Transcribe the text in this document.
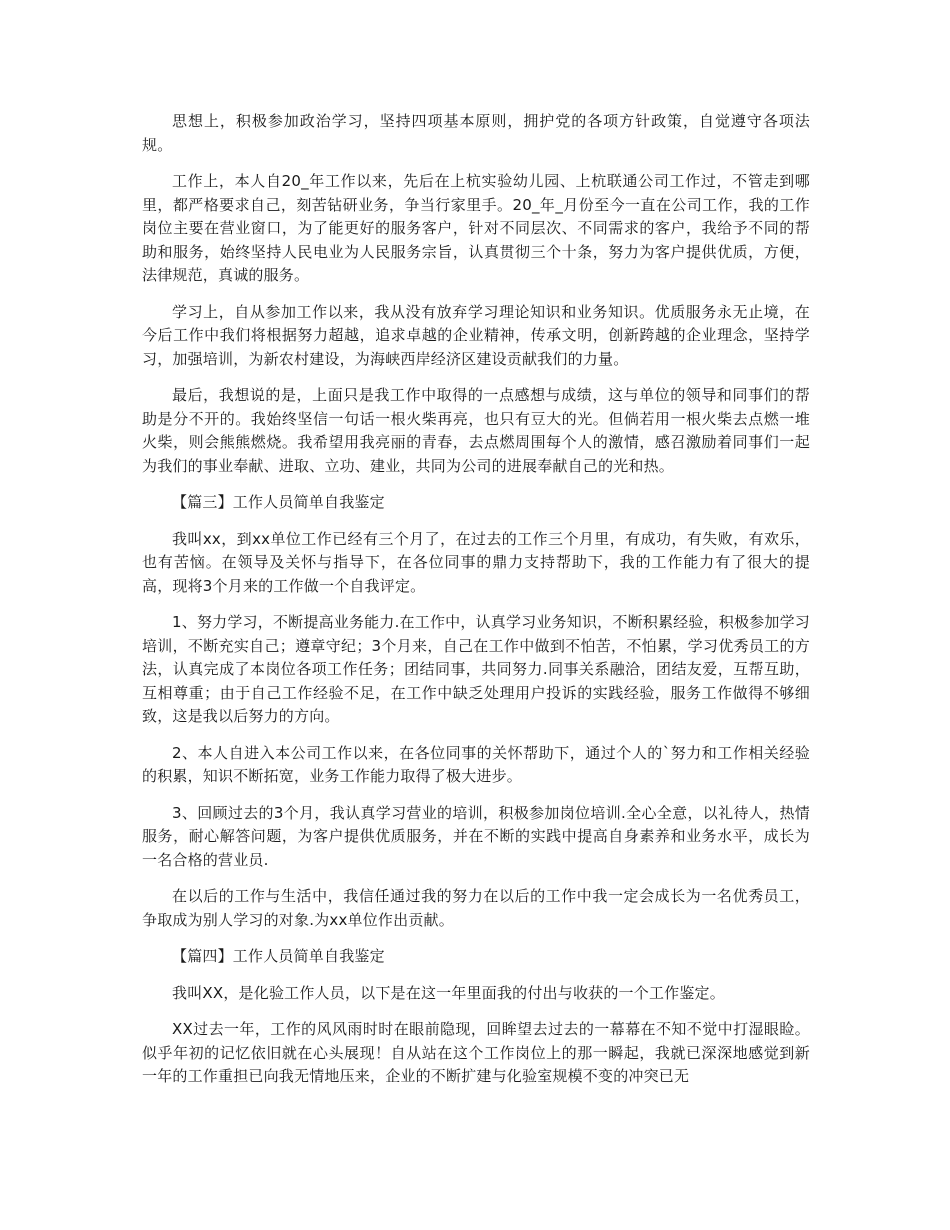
思想上，积极参加政治学习，坚持四项基本原则，拥护党的各项方针政策，自觉遵守各项法规。

工作上，本人自20_年工作以来，先后在上杭实验幼儿园、上杭联通公司工作过，不管走到哪里，都严格要求自己，刻苦钻研业务，争当行家里手。20_年_月份至今一直在公司工作，我的工作岗位主要在营业窗口，为了能更好的服务客户，针对不同层次、不同需求的客户，我给予不同的帮助和服务，始终坚持人民电业为人民服务宗旨，认真贯彻三个十条，努力为客户提供优质，方便，法律规范，真诚的服务。

学习上，自从参加工作以来，我从没有放弃学习理论知识和业务知识。优质服务永无止境，在今后工作中我们将根据努力超越，追求卓越的企业精神，传承文明，创新跨越的企业理念，坚持学习，加强培训，为新农村建设，为海峡西岸经济区建设贡献我们的力量。

最后，我想说的是，上面只是我工作中取得的一点感想与成绩，这与单位的领导和同事们的帮助是分不开的。我始终坚信一句话一根火柴再亮，也只有豆大的光。但倘若用一根火柴去点燃一堆火柴，则会熊熊燃烧。我希望用我亮丽的青春，去点燃周围每个人的激情，感召激励着同事们一起为我们的事业奉献、进取、立功、建业，共同为公司的进展奉献自己的光和热。

【篇三】工作人员简单自我鉴定

我叫xx，到xx单位工作已经有三个月了，在过去的工作三个月里，有成功，有失败，有欢乐，也有苦恼。在领导及关怀与指导下，在各位同事的鼎力支持帮助下，我的工作能力有了很大的提高，现将3个月来的工作做一个自我评定。

1、努力学习，不断提高业务能力.在工作中，认真学习业务知识，不断积累经验，积极参加学习培训，不断充实自己；遵章守纪；3个月来，自己在工作中做到不怕苦，不怕累，学习优秀员工的方法，认真完成了本岗位各项工作任务；团结同事，共同努力.同事关系融洽，团结友爱，互帮互助，互相尊重；由于自己工作经验不足，在工作中缺乏处理用户投诉的实践经验，服务工作做得不够细致，这是我以后努力的方向。

2、本人自进入本公司工作以来，在各位同事的关怀帮助下，通过个人的`努力和工作相关经验的积累，知识不断拓宽，业务工作能力取得了极大进步。

3、回顾过去的3个月，我认真学习营业的培训，积极参加岗位培训.全心全意，以礼待人，热情服务，耐心解答问题，为客户提供优质服务，并在不断的实践中提高自身素养和业务水平，成长为一名合格的营业员.

在以后的工作与生活中，我信任通过我的努力在以后的工作中我一定会成长为一名优秀员工，争取成为别人学习的对象.为xx单位作出贡献。

【篇四】工作人员简单自我鉴定

我叫XX，是化验工作人员，以下是在这一年里面我的付出与收获的一个工作鉴定。

XX过去一年，工作的风风雨时时在眼前隐现，回眸望去过去的一幕幕在不知不觉中打湿眼睑。似乎年初的记忆依旧就在心头展现！自从站在这个工作岗位上的那一瞬起，我就已深深地感觉到新一年的工作重担已向我无情地压来，企业的不断扩建与化验室规模不变的冲突已无
